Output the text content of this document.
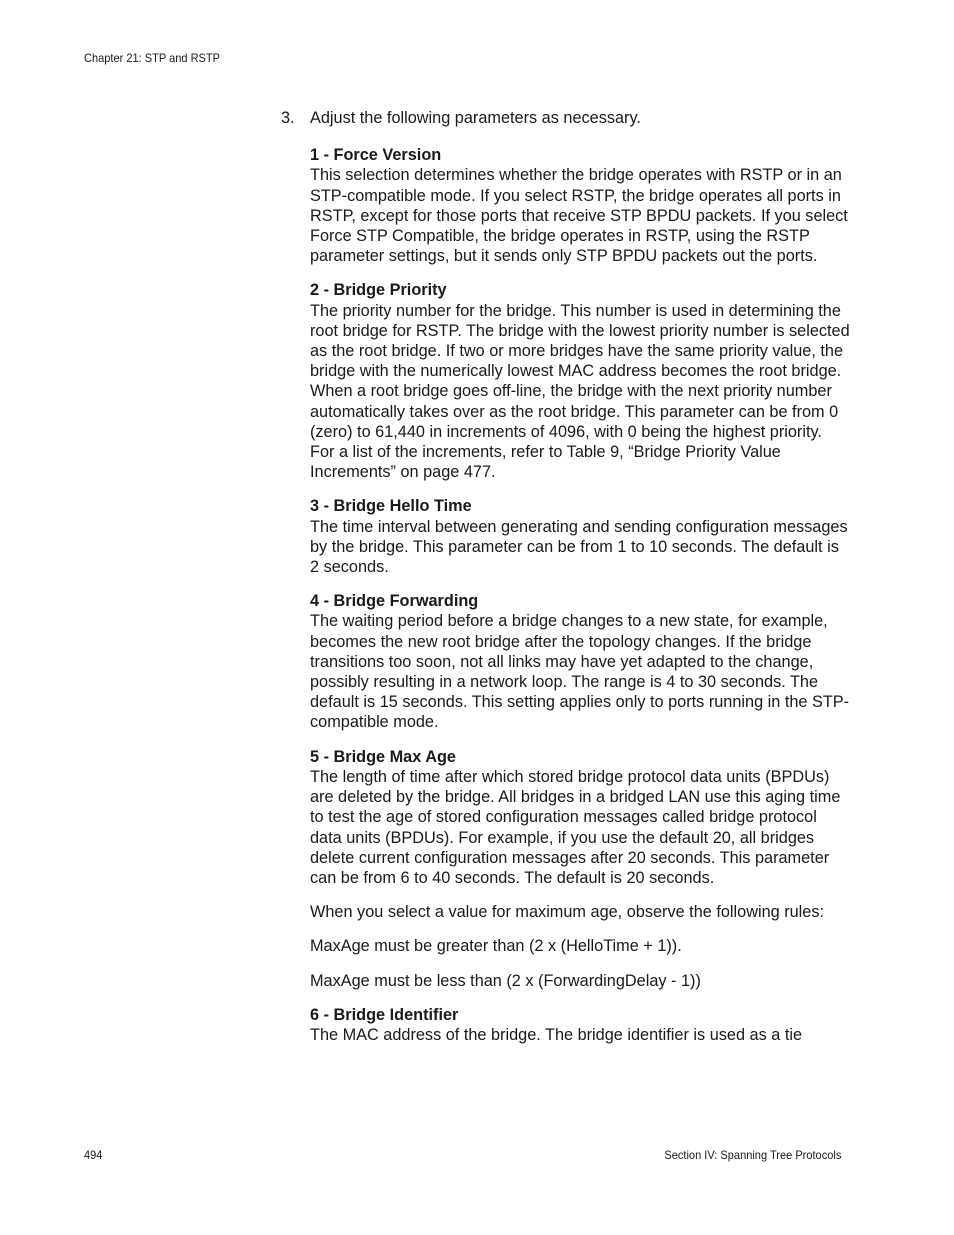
Chapter 21: STP and RSTP
3. Adjust the following parameters as necessary.
1 - Force Version
This selection determines whether the bridge operates with RSTP or in an STP-compatible mode. If you select RSTP, the bridge operates all ports in RSTP, except for those ports that receive STP BPDU packets. If you select Force STP Compatible, the bridge operates in RSTP, using the RSTP parameter settings, but it sends only STP BPDU packets out the ports.
2 - Bridge Priority
The priority number for the bridge. This number is used in determining the root bridge for RSTP. The bridge with the lowest priority number is selected as the root bridge. If two or more bridges have the same priority value, the bridge with the numerically lowest MAC address becomes the root bridge. When a root bridge goes off-line, the bridge with the next priority number automatically takes over as the root bridge. This parameter can be from 0 (zero) to 61,440 in increments of 4096, with 0 being the highest priority. For a list of the increments, refer to Table 9, “Bridge Priority Value Increments” on page 477.
3 - Bridge Hello Time
The time interval between generating and sending configuration messages by the bridge. This parameter can be from 1 to 10 seconds. The default is 2 seconds.
4 - Bridge Forwarding
The waiting period before a bridge changes to a new state, for example, becomes the new root bridge after the topology changes. If the bridge transitions too soon, not all links may have yet adapted to the change, possibly resulting in a network loop. The range is 4 to 30 seconds. The default is 15 seconds. This setting applies only to ports running in the STP-compatible mode.
5 - Bridge Max Age
The length of time after which stored bridge protocol data units (BPDUs) are deleted by the bridge. All bridges in a bridged LAN use this aging time to test the age of stored configuration messages called bridge protocol data units (BPDUs). For example, if you use the default 20, all bridges delete current configuration messages after 20 seconds. This parameter can be from 6 to 40 seconds. The default is 20 seconds.

When you select a value for maximum age, observe the following rules:

MaxAge must be greater than (2 x (HelloTime + 1)).

MaxAge must be less than (2 x (ForwardingDelay - 1))

6 - Bridge Identifier
The MAC address of the bridge. The bridge identifier is used as a tie
494	Section IV: Spanning Tree Protocols
